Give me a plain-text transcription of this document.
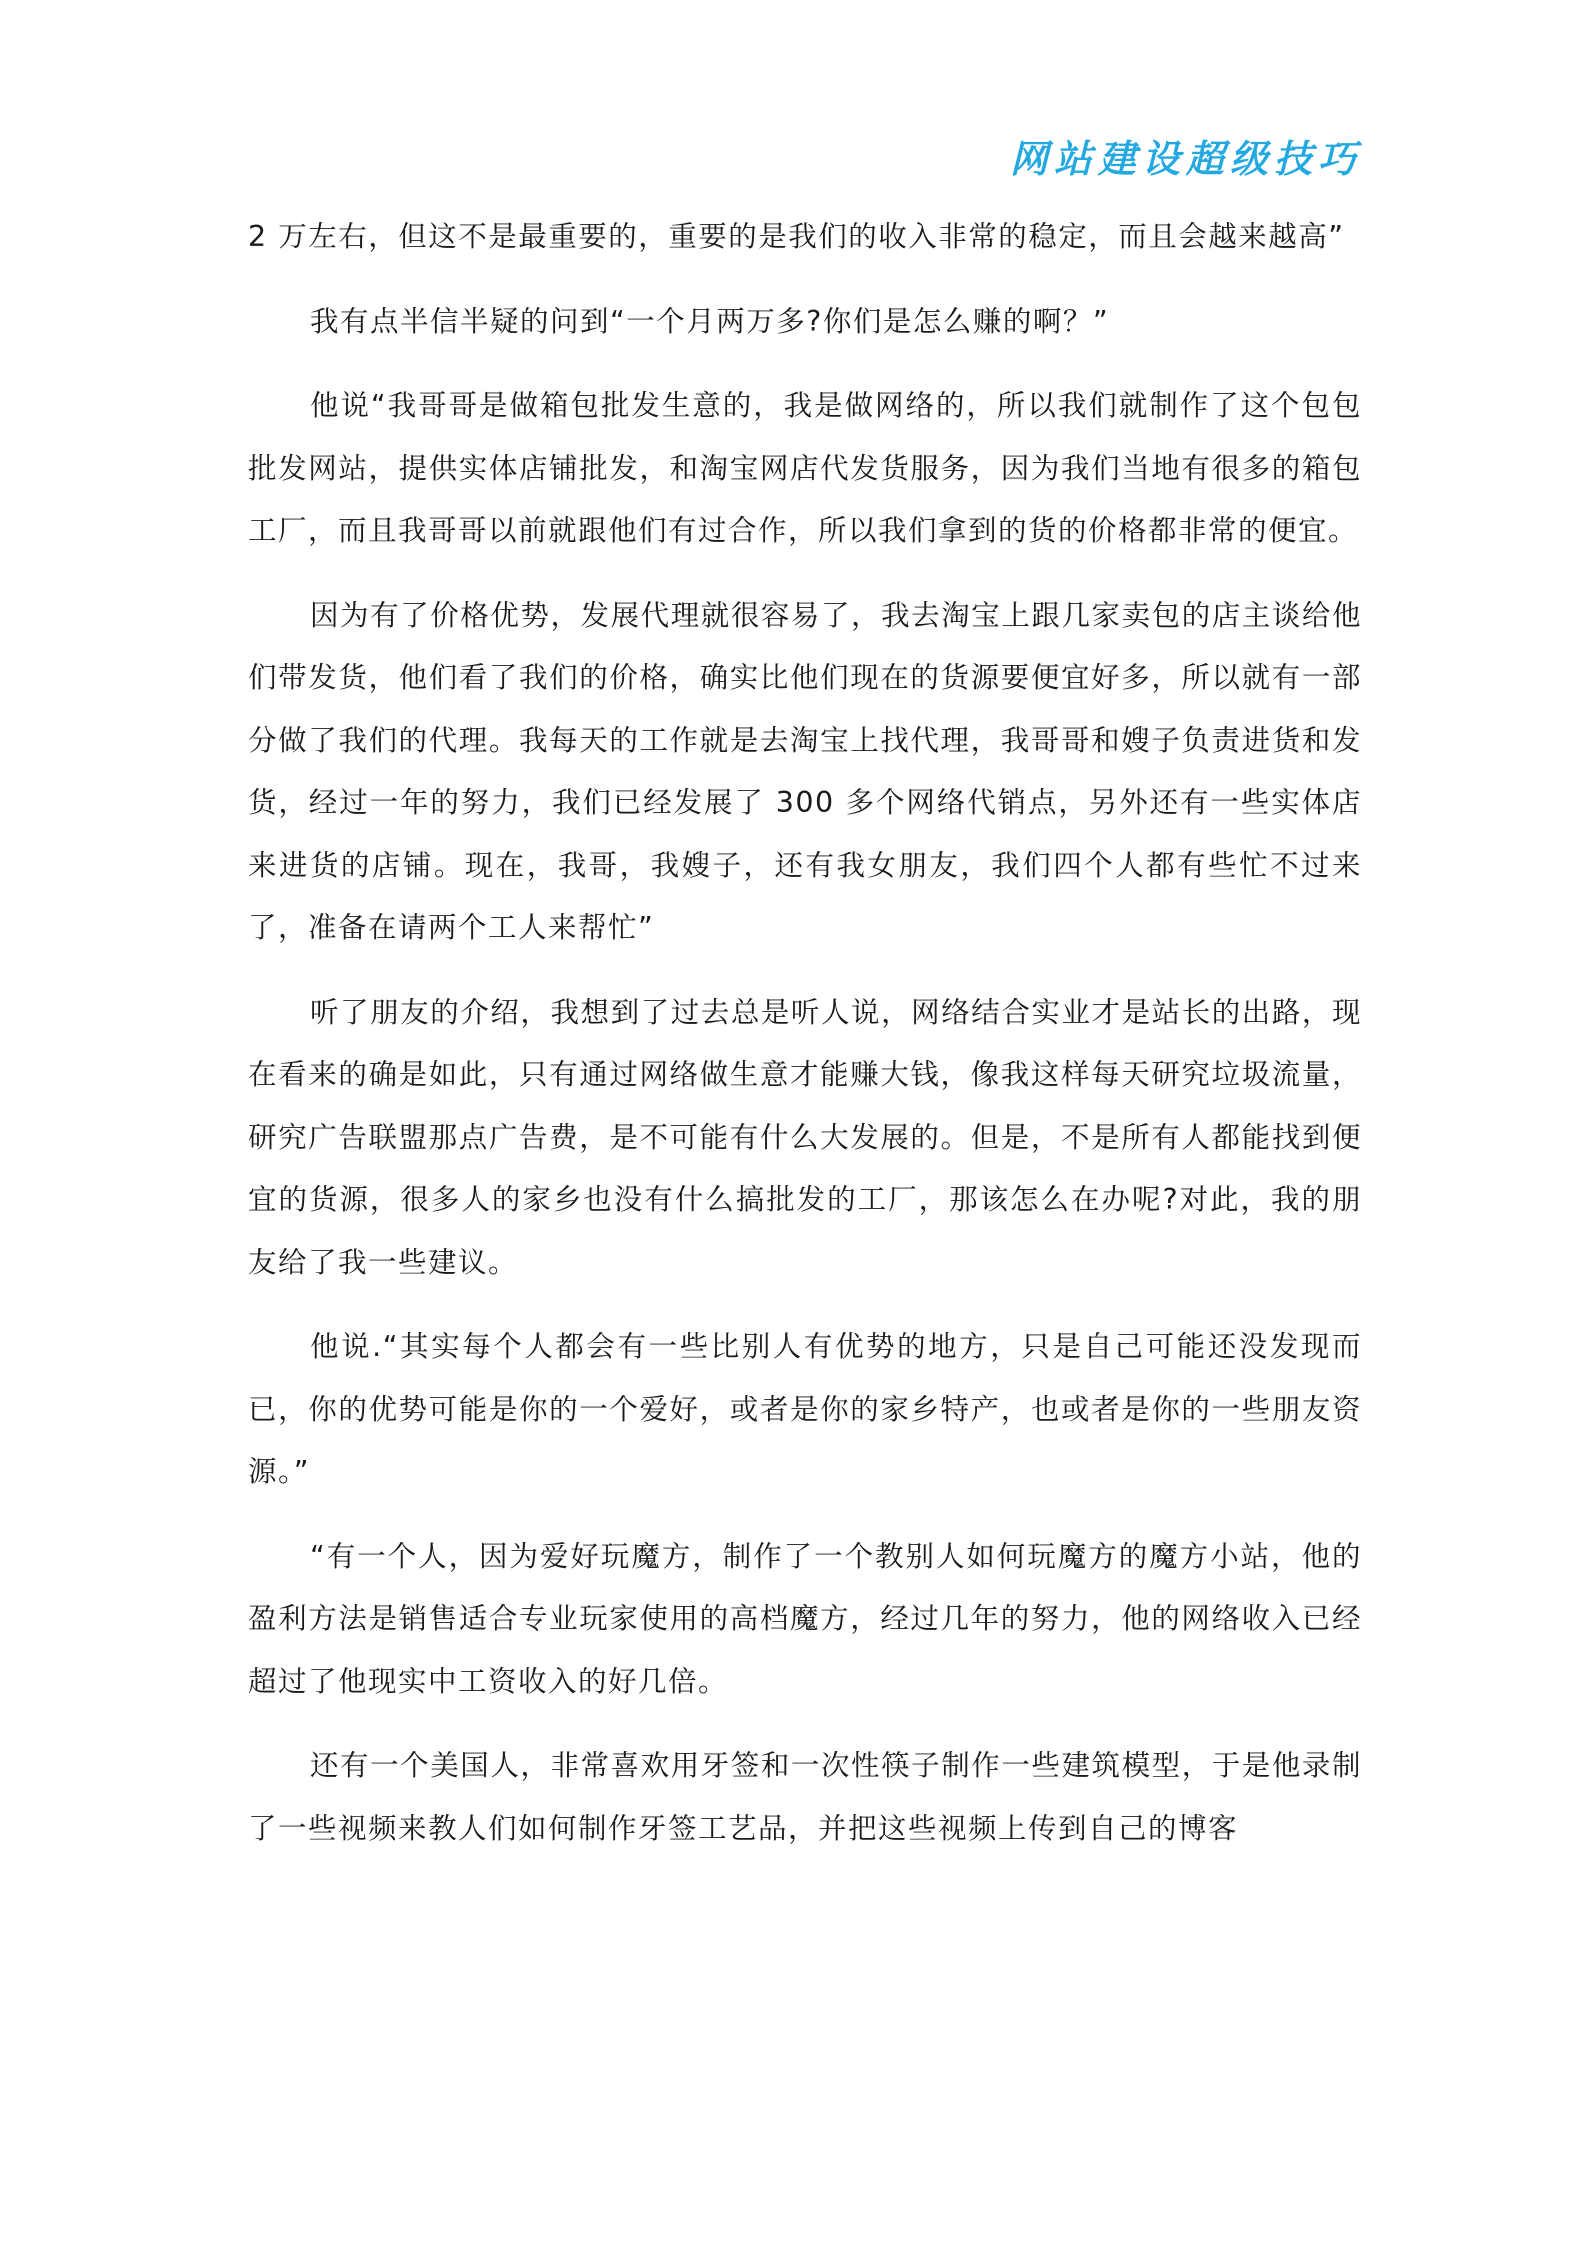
网站建设超级技巧

2 万左右，但这不是最重要的，重要的是我们的收入非常的稳定，而且会越来越高”

我有点半信半疑的问到“一个月两万多?你们是怎么赚的啊？”

他说“我哥哥是做箱包批发生意的，我是做网络的，所以我们就制作了这个包包批发网站，提供实体店铺批发，和淘宝网店代发货服务，因为我们当地有很多的箱包工厂，而且我哥哥以前就跟他们有过合作，所以我们拿到的货的价格都非常的便宜。

因为有了价格优势，发展代理就很容易了，我去淘宝上跟几家卖包的店主谈给他们带发货，他们看了我们的价格，确实比他们现在的货源要便宜好多，所以就有一部分做了我们的代理。我每天的工作就是去淘宝上找代理，我哥哥和嫂子负责进货和发货，经过一年的努力，我们已经发展了 300 多个网络代销点，另外还有一些实体店来进货的店铺。现在，我哥，我嫂子，还有我女朋友，我们四个人都有些忙不过来了，准备在请两个工人来帮忙”

听了朋友的介绍，我想到了过去总是听人说，网络结合实业才是站长的出路，现在看来的确是如此，只有通过网络做生意才能赚大钱，像我这样每天研究垃圾流量，研究广告联盟那点广告费，是不可能有什么大发展的。但是，不是所有人都能找到便宜的货源，很多人的家乡也没有什么搞批发的工厂，那该怎么在办呢?对此，我的朋友给了我一些建议。

他说.“其实每个人都会有一些比别人有优势的地方，只是自己可能还没发现而已，你的优势可能是你的一个爱好，或者是你的家乡特产，也或者是你的一些朋友资源。”

“有一个人，因为爱好玩魔方，制作了一个教别人如何玩魔方的魔方小站，他的盈利方法是销售适合专业玩家使用的高档魔方，经过几年的努力，他的网络收入已经超过了他现实中工资收入的好几倍。

还有一个美国人，非常喜欢用牙签和一次性筷子制作一些建筑模型，于是他录制了一些视频来教人们如何制作牙签工艺品，并把这些视频上传到自己的博客
